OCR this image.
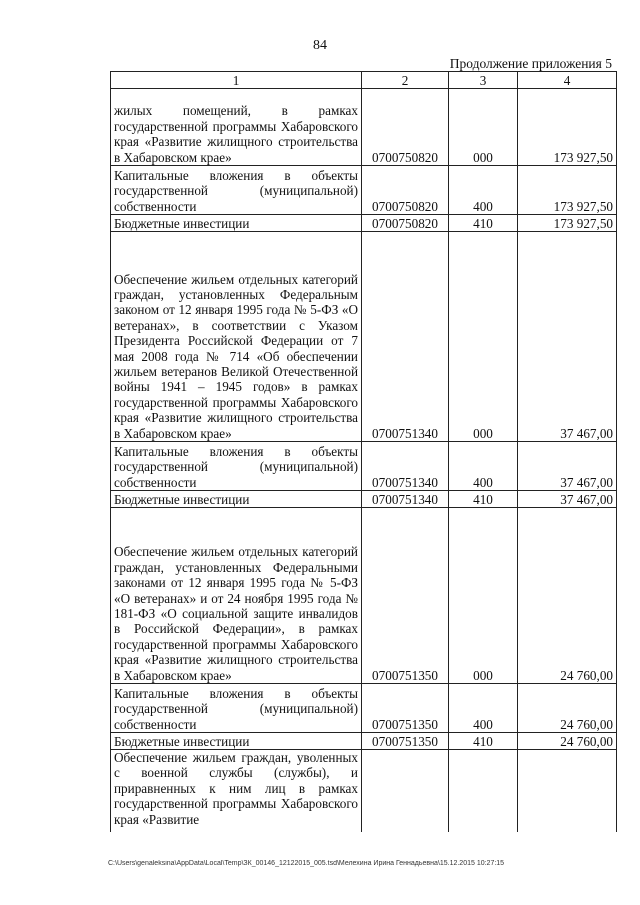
84
Продолжение приложения 5
1	2	3	4
жилых помещений, в рамках государственной программы Хабаровского края «Развитие жилищного строительства в Хабаровском крае»	0700750820	000	173 927,50
Капитальные вложения в объекты государственной (муниципальной) собственности	0700750820	400	173 927,50
Бюджетные инвестиции	0700750820	410	173 927,50
Обеспечение жильем отдельных категорий граждан, установленных Федеральным законом от 12 января 1995 года № 5-ФЗ «О ветеранах», в соответствии с Указом Президента Российской Федерации от 7 мая 2008 года № 714 «Об обеспечении жильем ветеранов Великой Отечественной войны 1941 – 1945 годов» в рамках государственной программы Хабаровского края «Развитие жилищного строительства в Хабаровском крае»	0700751340	000	37 467,00
Капитальные вложения в объекты государственной (муниципальной) собственности	0700751340	400	37 467,00
Бюджетные инвестиции	0700751340	410	37 467,00
Обеспечение жильем отдельных категорий граждан, установленных Федеральными законами от 12 января 1995 года № 5-ФЗ «О ветеранах» и от 24 ноября 1995 года № 181-ФЗ «О социальной защите инвалидов в Российской Федерации», в рамках государственной программы Хабаровского края «Развитие жилищного строительства в Хабаровском крае»	0700751350	000	24 760,00
Капитальные вложения в объекты государственной (муниципальной) собственности	0700751350	400	24 760,00
Бюджетные инвестиции	0700751350	410	24 760,00
Обеспечение жильем граждан, уволенных с военной службы (службы), и приравненных к ним лиц в рамках государственной программы Хабаровского края «Развитие			
C:\Users\genaleksina\AppData\Local\Temp\ЗК_00146_12122015_005.tsd\Мелехина Ирина Геннадьевна\15.12.2015 10:27:15
